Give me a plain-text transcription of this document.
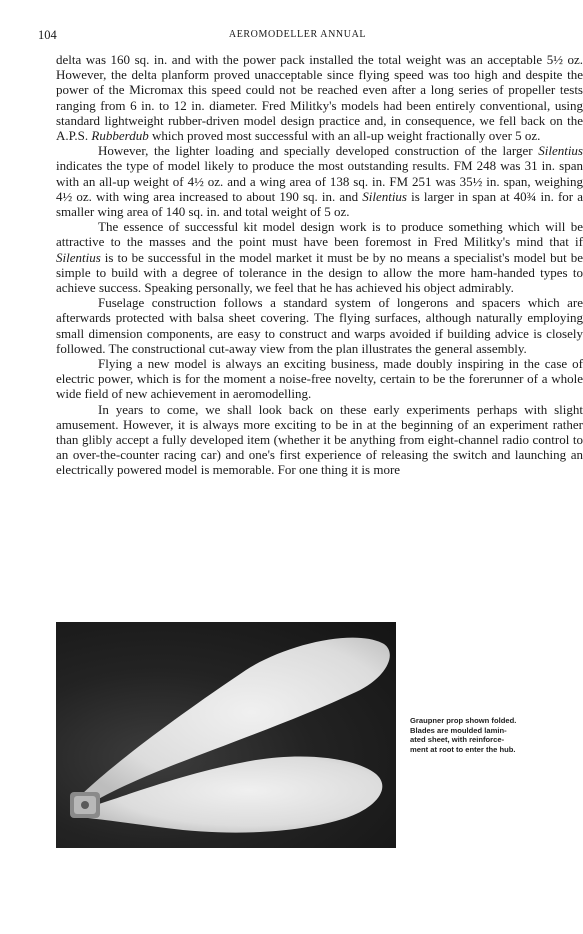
104	AEROMODELLER ANNUAL

delta was 160 sq. in. and with the power pack installed the total weight was an acceptable 5½ oz. However, the delta planform proved unacceptable since flying speed was too high and despite the power of the Micromax this speed could not be reached even after a long series of propeller tests ranging from 6 in. to 12 in. diameter. Fred Militky's models had been entirely conventional, using standard lightweight rubber-driven model design practice and, in consequence, we fell back on the A.P.S. Rubberdub which proved most successful with an all-up weight fractionally over 5 oz.

However, the lighter loading and specially developed construction of the larger Silentius indicates the type of model likely to produce the most outstanding results. FM 248 was 31 in. span with an all-up weight of 4½ oz. and a wing area of 138 sq. in. FM 251 was 35½ in. span, weighing 4½ oz. with wing area increased to about 190 sq. in. and Silentius is larger in span at 40¾ in. for a smaller wing area of 140 sq. in. and total weight of 5 oz.

The essence of successful kit model design work is to produce something which will be attractive to the masses and the point must have been foremost in Fred Militky's mind that if Silentius is to be successful in the model market it must be by no means a specialist's model but be simple to build with a degree of tolerance in the design to allow the more ham-handed types to achieve success. Speaking personally, we feel that he has achieved his object admirably.

Fuselage construction follows a standard system of longerons and spacers which are afterwards protected with balsa sheet covering. The flying surfaces, although naturally employing small dimension components, are easy to construct and warps avoided if building advice is closely followed. The constructional cut-away view from the plan illustrates the general assembly.

Flying a new model is always an exciting business, made doubly inspiring in the case of electric power, which is for the moment a noise-free novelty, certain to be the forerunner of a whole wide field of new achievement in aeromodelling.

In years to come, we shall look back on these early experiments perhaps with slight amusement. However, it is always more exciting to be in at the beginning of an experiment rather than glibly accept a fully developed item (whether it be anything from eight-channel radio control to an over-the-counter racing car) and one's first experience of releasing the switch and launching an electrically powered model is memorable. For one thing it is more

Graupner prop shown folded.
Blades are moulded lamin-
ated sheet, with reinforce-
ment at root to enter the hub.
